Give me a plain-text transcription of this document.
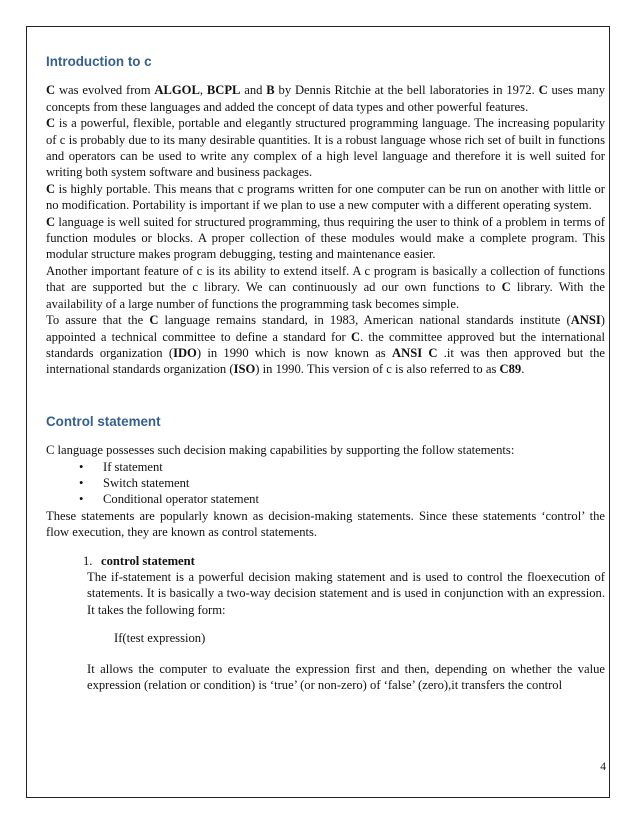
Introduction to c

C was evolved from ALGOL, BCPL and B by Dennis Ritchie at the bell laboratories in 1972. C uses many concepts from these languages and added the concept of data types and other powerful features.

C is a powerful, flexible, portable and elegantly structured programming language. The increasing popularity of c is probably due to its many desirable quantities. It is a robust language whose rich set of built in functions and operators can be used to write any complex of a high level language and therefore it is well suited for writing both system software and business packages.

C is highly portable. This means that c programs written for one computer can be run on another with little or no modification. Portability is important if we plan to use a new computer with a different operating system.

C language is well suited for structured programming, thus requiring the user to think of a problem in terms of function modules or blocks. A proper collection of these modules would make a complete program. This modular structure makes program debugging, testing and maintenance easier.

Another important feature of c is its ability to extend itself. A c program is basically a collection of functions that are supported but the c library. We can continuously ad our own functions to C library. With the availability of a large number of functions the programming task becomes simple.

To assure that the C language remains standard, in 1983, American national standards institute (ANSI) appointed a technical committee to define a standard for C. the committee approved but the international standards organization (IDO) in 1990 which is now known as ANSI C .it was then approved but the international standards organization (ISO) in 1990. This version of c is also referred to as C89.

Control statement

C language possesses such decision making capabilities by supporting the follow statements:

• If statement
• Switch statement
• Conditional operator statement

These statements are popularly known as decision-making statements. Since these statements ‘control’ the flow execution, they are known as control statements.

1. control statement

The if-statement is a powerful decision making statement and is used to control the floexecution of statements. It is basically a two-way decision statement and is used in conjunction with an expression. It takes the following form:

If(test expression)

It allows the computer to evaluate the expression first and then, depending on whether the value expression (relation or condition) is ‘true’ (or non-zero) of ‘false’ (zero),it transfers the control

4
